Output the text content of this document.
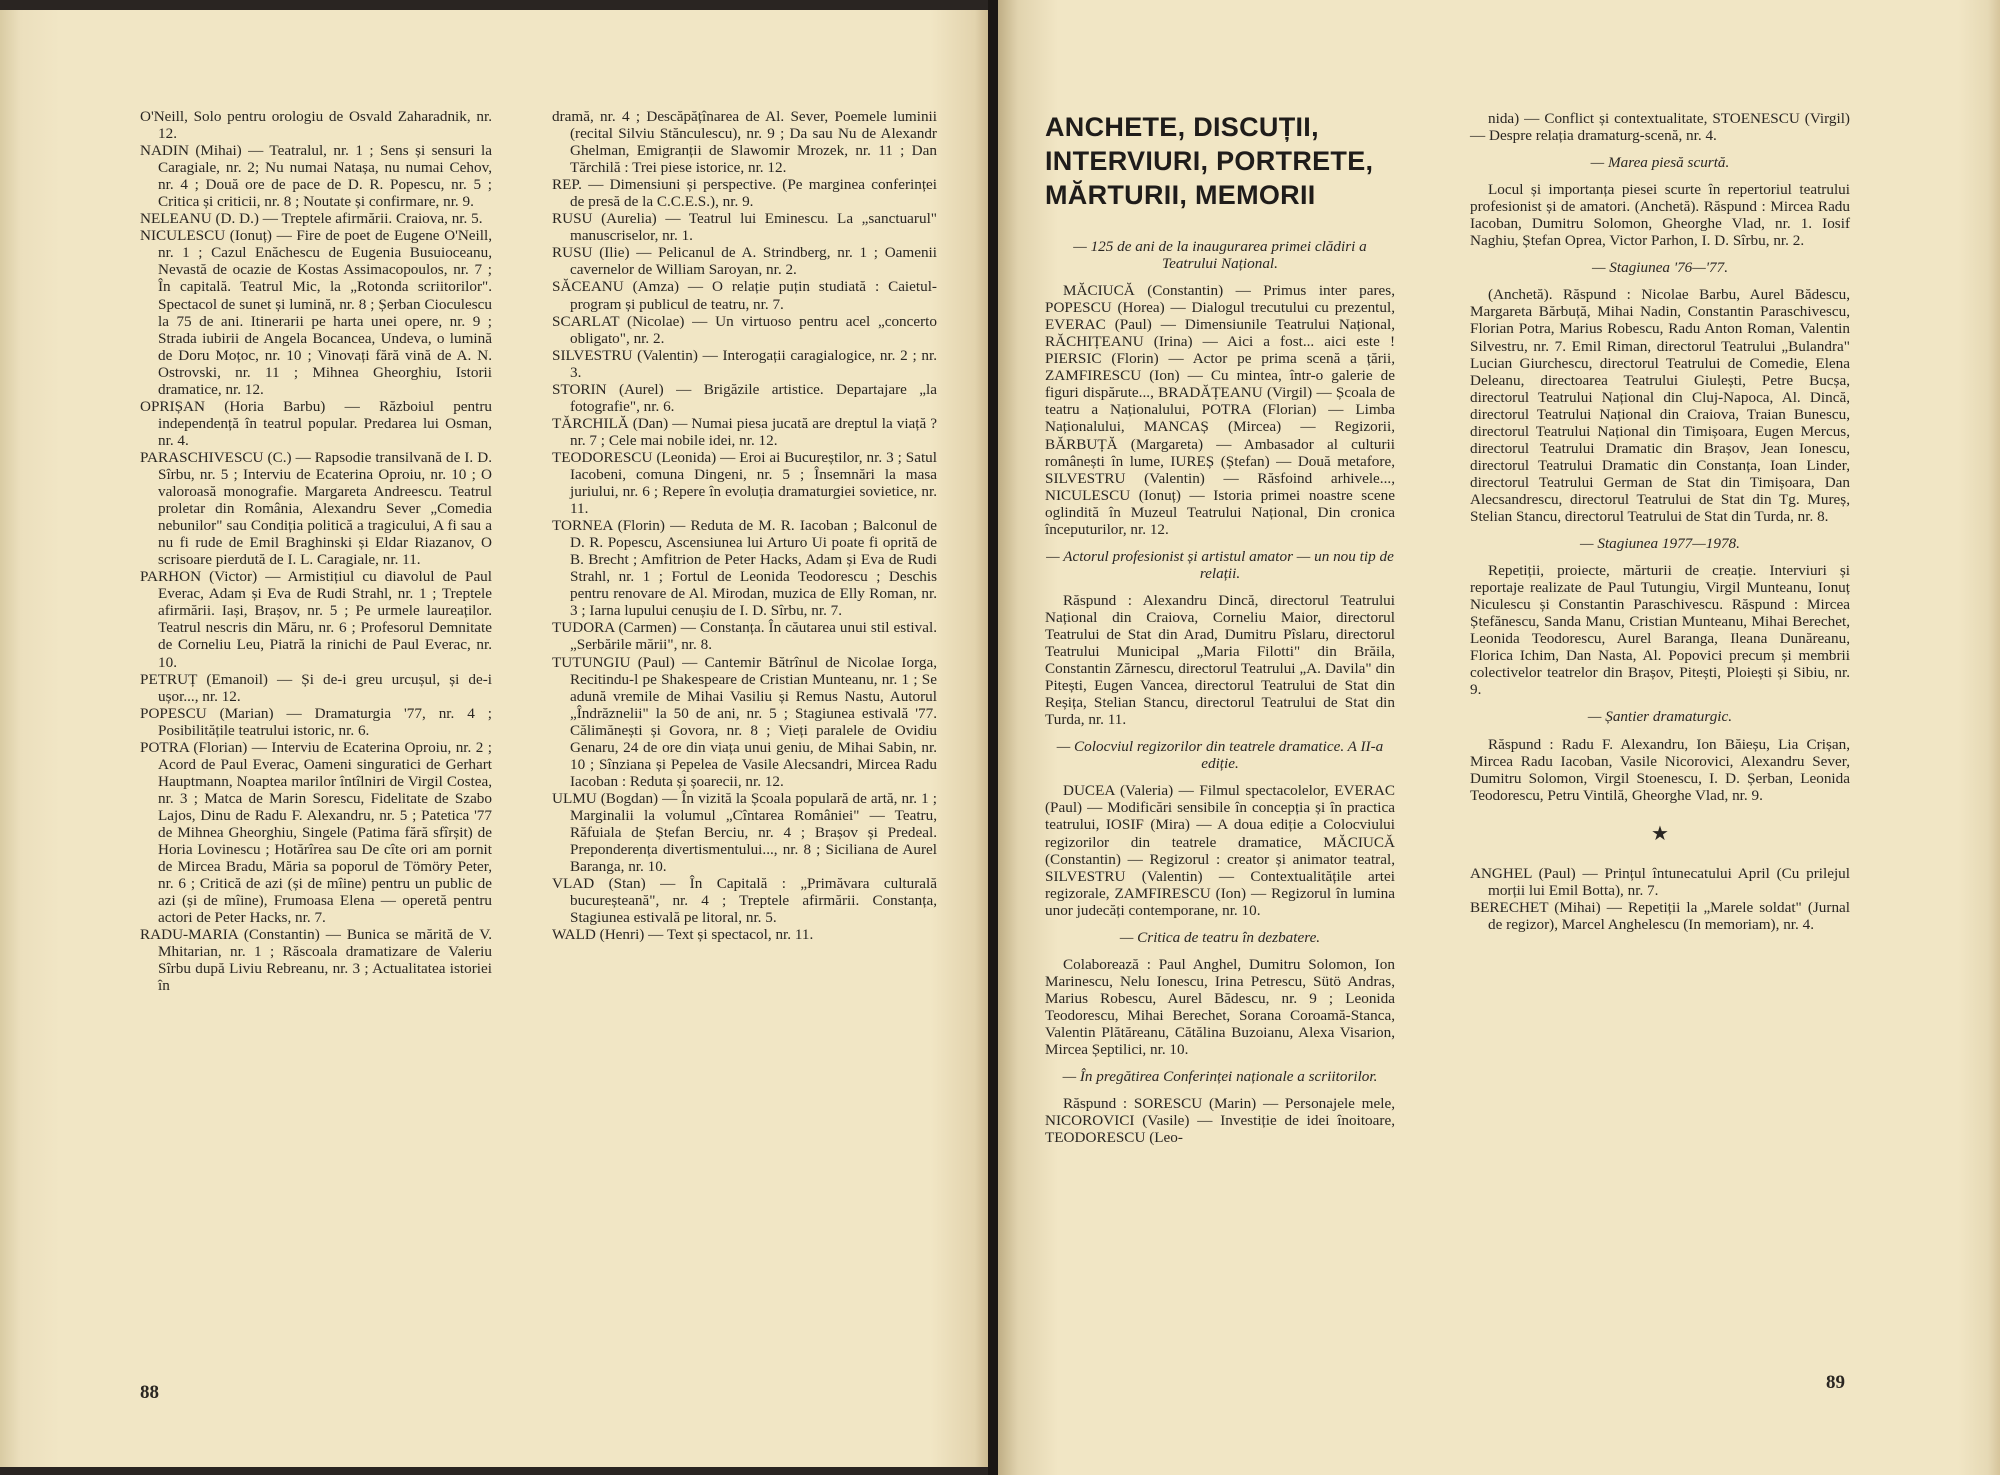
O'Neill, Solo pentru orologiu de Osvald Zaharadnik, nr. 12.
NADIN (Mihai) — Teatralul, nr. 1 ; Sens și sensuri la Caragiale, nr. 2; Nu numai Natașa, nu numai Cehov, nr. 4 ; Două ore de pace de D. R. Popescu, nr. 5 ; Critica și criticii, nr. 8 ; Noutate și confirmare, nr. 9.
NELEANU (D. D.) — Treptele afirmării. Craiova, nr. 5.
NICULESCU (Ionuț) — Fire de poet de Eugene O'Neill, nr. 1 ; Cazul Enăchescu de Eugenia Busuioceanu, Nevastă de ocazie de Kostas Assimacopoulos, nr. 7 ; În capitală. Teatrul Mic, la „Rotonda scriitorilor". Spectacol de sunet și lumină, nr. 8 ; Șerban Cioculescu la 75 de ani. Itinerarii pe harta unei opere, nr. 9 ; Strada iubirii de Angela Bocancea, Undeva, o lumină de Doru Moțoc, nr. 10 ; Vinovați fără vină de A. N. Ostrovski, nr. 11 ; Mihnea Gheorghiu, Istorii dramatice, nr. 12.
OPRIȘAN (Horia Barbu) — Războiul pentru independență în teatrul popular. Predarea lui Osman, nr. 4.
PARASCHIVESCU (C.) — Rapsodie transilvană de I. D. Sîrbu, nr. 5 ; Interviu de Ecaterina Oproiu, nr. 10 ; O valoroasă monografie. Margareta Andreescu. Teatrul proletar din România, Alexandru Sever „Comedia nebunilor" sau Condiția politică a tragicului, A fi sau a nu fi rude de Emil Braghinski și Eldar Riazanov, O scrisoare pierdută de I. L. Caragiale, nr. 11.
PARHON (Victor) — Armistițiul cu diavolul de Paul Everac, Adam și Eva de Rudi Strahl, nr. 1 ; Treptele afirmării. Iași, Brașov, nr. 5 ; Pe urmele laureaților. Teatrul nescris din Măru, nr. 6 ; Profesorul Demnitate de Corneliu Leu, Piatră la rinichi de Paul Everac, nr. 10.
PETRUȚ (Emanoil) — Și de-i greu urcușul, și de-i ușor..., nr. 12.
POPESCU (Marian) — Dramaturgia '77, nr. 4 ; Posibilitățile teatrului istoric, nr. 6.
POTRA (Florian) — Interviu de Ecaterina Oproiu, nr. 2 ; Acord de Paul Everac, Oameni singuratici de Gerhart Hauptmann, Noaptea marilor întîlniri de Virgil Costea, nr. 3 ; Matca de Marin Sorescu, Fidelitate de Szabo Lajos, Dinu de Radu F. Alexandru, nr. 5 ; Patetica '77 de Mihnea Gheorghiu, Singele (Patima fără sfîrșit) de Horia Lovinescu ; Hotărîrea sau De cîte ori am pornit de Mircea Bradu, Măria sa poporul de Tömöry Peter, nr. 6 ; Critică de azi (și de mîine) pentru un public de azi (și de mîine), Frumoasa Elena — operetă pentru actori de Peter Hacks, nr. 7.
RADU-MARIA (Constantin) — Bunica se mărită de V. Mhitarian, nr. 1 ; Răscoala dramatizare de Valeriu Sîrbu după Liviu Rebreanu, nr. 3 ; Actualitatea istoriei în
dramă, nr. 4 ; Descăpățînarea de Al. Sever, Poemele luminii (recital Silviu Stănculescu), nr. 9 ; Da sau Nu de Alexandr Ghelman, Emigranții de Slawomir Mrozek, nr. 11 ; Dan Tărchilă : Trei piese istorice, nr. 12.
REP. — Dimensiuni și perspective. (Pe marginea conferinței de presă de la C.C.E.S.), nr. 9.
RUSU (Aurelia) — Teatrul lui Eminescu. La „sanctuarul" manuscriselor, nr. 1.
RUSU (Ilie) — Pelicanul de A. Strindberg, nr. 1 ; Oamenii cavernelor de William Saroyan, nr. 2.
SĂCEANU (Amza) — O relație puțin studiată : Caietul-program și publicul de teatru, nr. 7.
SCARLAT (Nicolae) — Un virtuoso pentru acel „concerto obligato", nr. 2.
SILVESTRU (Valentin) — Interogații caragialogice, nr. 2 ; nr. 3.
STORIN (Aurel) — Brigăzile artistice. Departajare „la fotografie", nr. 6.
TĂRCHILĂ (Dan) — Numai piesa jucată are dreptul la viață ? nr. 7 ; Cele mai nobile idei, nr. 12.
TEODORESCU (Leonida) — Eroi ai Bucureștilor, nr. 3 ; Satul Iacobeni, comuna Dingeni, nr. 5 ; Însemnări la masa juriului, nr. 6 ; Repere în evoluția dramaturgiei sovietice, nr. 11.
TORNEA (Florin) — Reduta de M. R. Iacoban ; Balconul de D. R. Popescu, Ascensiunea lui Arturo Ui poate fi oprită de B. Brecht ; Amfitrion de Peter Hacks, Adam și Eva de Rudi Strahl, nr. 1 ; Fortul de Leonida Teodorescu ; Deschis pentru renovare de Al. Mirodan, muzica de Elly Roman, nr. 3 ; Iarna lupului cenușiu de I. D. Sîrbu, nr. 7.
TUDORA (Carmen) — Constanța. În căutarea unui stil estival. „Serbările mării", nr. 8.
TUTUNGIU (Paul) — Cantemir Bătrînul de Nicolae Iorga, Recitindu-l pe Shakespeare de Cristian Munteanu, nr. 1 ; Se adună vremile de Mihai Vasiliu și Remus Nastu, Autorul „Îndrăznelii" la 50 de ani, nr. 5 ; Stagiunea estivală '77. Călimănești și Govora, nr. 8 ; Vieți paralele de Ovidiu Genaru, 24 de ore din viața unui geniu, de Mihai Sabin, nr. 10 ; Sînziana și Pepelea de Vasile Alecsandri, Mircea Radu Iacoban : Reduta și șoarecii, nr. 12.
ULMU (Bogdan) — În vizită la Școala populară de artă, nr. 1 ; Marginalii la volumul „Cîntarea României" — Teatru, Răfuiala de Ștefan Berciu, nr. 4 ; Brașov și Predeal. Preponderența divertismentului..., nr. 8 ; Siciliana de Aurel Baranga, nr. 10.
VLAD (Stan) — În Capitală : „Primăvara culturală bucureșteană", nr. 4 ; Treptele afirmării. Constanța, Stagiunea estivală pe litoral, nr. 5.
WALD (Henri) — Text și spectacol, nr. 11.
88
ANCHETE, DISCUȚII,
INTERVIURI, PORTRETE,
MĂRTURII, MEMORII
— 125 de ani de la inaugurarea primei clădiri a Teatrului Național.
MĂCIUCĂ (Constantin) — Primus inter pares, POPESCU (Horea) — Dialogul trecutului cu prezentul, EVERAC (Paul) — Dimensiunile Teatrului Național, RĂCHIȚEANU (Irina) — Aici a fost... aici este ! PIERSIC (Florin) — Actor pe prima scenă a țării, ZAMFIRESCU (Ion) — Cu mintea, într-o galerie de figuri dispărute..., BRADĂȚEANU (Virgil) — Școala de teatru a Naționalului, POTRA (Florian) — Limba Naționalului, MANCAȘ (Mircea) — Regizorii, BĂRBUȚĂ (Margareta) — Ambasador al culturii românești în lume, IUREȘ (Ștefan) — Două metafore, SILVESTRU (Valentin) — Răsfoind arhivele..., NICULESCU (Ionuț) — Istoria primei noastre scene oglindită în Muzeul Teatrului Național, Din cronica începuturilor, nr. 12.
— Actorul profesionist și artistul amator — un nou tip de relații.
Răspund : Alexandru Dincă, directorul Teatrului Național din Craiova, Corneliu Maior, directorul Teatrului de Stat din Arad, Dumitru Pîslaru, directorul Teatrului Municipal „Maria Filotti" din Brăila, Constantin Zărnescu, directorul Teatrului „A. Davila" din Pitești, Eugen Vancea, directorul Teatrului de Stat din Reșița, Stelian Stancu, directorul Teatrului de Stat din Turda, nr. 11.
— Colocviul regizorilor din teatrele dramatice. A II-a ediție.
DUCEA (Valeria) — Filmul spectacolelor, EVERAC (Paul) — Modificări sensibile în concepția și în practica teatrului, IOSIF (Mira) — A doua ediție a Colocviului regizorilor din teatrele dramatice, MĂCIUCĂ (Constantin) — Regizorul : creator și animator teatral, SILVESTRU (Valentin) — Contextualitățile artei regizorale, ZAMFIRESCU (Ion) — Regizorul în lumina unor judecăți contemporane, nr. 10.
— Critica de teatru în dezbatere.
Colaborează : Paul Anghel, Dumitru Solomon, Ion Marinescu, Nelu Ionescu, Irina Petrescu, Sütö Andras, Marius Robescu, Aurel Bădescu, nr. 9 ; Leonida Teodorescu, Mihai Berechet, Sorana Coroamă-Stanca, Valentin Plătăreanu, Cătălina Buzoianu, Alexa Visarion, Mircea Șeptilici, nr. 10.
— În pregătirea Conferinței naționale a scriitorilor.
Răspund : SORESCU (Marin) — Personajele mele, NICOROVICI (Vasile) — Investiție de idei înoitoare, TEODORESCU (Leo-
nida) — Conflict și contextualitate, STOENESCU (Virgil) — Despre relația dramaturg-scenă, nr. 4.
— Marea piesă scurtă.
Locul și importanța piesei scurte în repertoriul teatrului profesionist și de amatori. (Anchetă). Răspund : Mircea Radu Iacoban, Dumitru Solomon, Gheorghe Vlad, nr. 1. Iosif Naghiu, Ștefan Oprea, Victor Parhon, I. D. Sîrbu, nr. 2.
— Stagiunea '76—'77.
(Anchetă). Răspund : Nicolae Barbu, Aurel Bădescu, Margareta Bărbuță, Mihai Nadin, Constantin Paraschivescu, Florian Potra, Marius Robescu, Radu Anton Roman, Valentin Silvestru, nr. 7. Emil Riman, directorul Teatrului „Bulandra" Lucian Giurchescu, directorul Teatrului de Comedie, Elena Deleanu, directoarea Teatrului Giulești, Petre Bucșa, directorul Teatrului Național din Cluj-Napoca, Al. Dincă, directorul Teatrului Național din Craiova, Traian Bunescu, directorul Teatrului Național din Timișoara, Eugen Mercus, directorul Teatrului Dramatic din Brașov, Jean Ionescu, directorul Teatrului Dramatic din Constanța, Ioan Linder, directorul Teatrului German de Stat din Timișoara, Dan Alecsandrescu, directorul Teatrului de Stat din Tg. Mureș, Stelian Stancu, directorul Teatrului de Stat din Turda, nr. 8.
— Stagiunea 1977—1978.
Repetiții, proiecte, mărturii de creație. Interviuri și reportaje realizate de Paul Tutungiu, Virgil Munteanu, Ionuț Niculescu și Constantin Paraschivescu. Răspund : Mircea Ștefănescu, Sanda Manu, Cristian Munteanu, Mihai Berechet, Leonida Teodorescu, Aurel Baranga, Ileana Dunăreanu, Florica Ichim, Dan Nasta, Al. Popovici precum și membrii colectivelor teatrelor din Brașov, Pitești, Ploiești și Sibiu, nr. 9.
— Șantier dramaturgic.
Răspund : Radu F. Alexandru, Ion Băieșu, Lia Crișan, Mircea Radu Iacoban, Vasile Nicorovici, Alexandru Sever, Dumitru Solomon, Virgil Stoenescu, I. D. Șerban, Leonida Teodorescu, Petru Vintilă, Gheorghe Vlad, nr. 9.
★
ANGHEL (Paul) — Prințul întunecatului April (Cu prilejul morții lui Emil Botta), nr. 7.
BERECHET (Mihai) — Repetiții la „Marele soldat" (Jurnal de regizor), Marcel Anghelescu (In memoriam), nr. 4.
89
